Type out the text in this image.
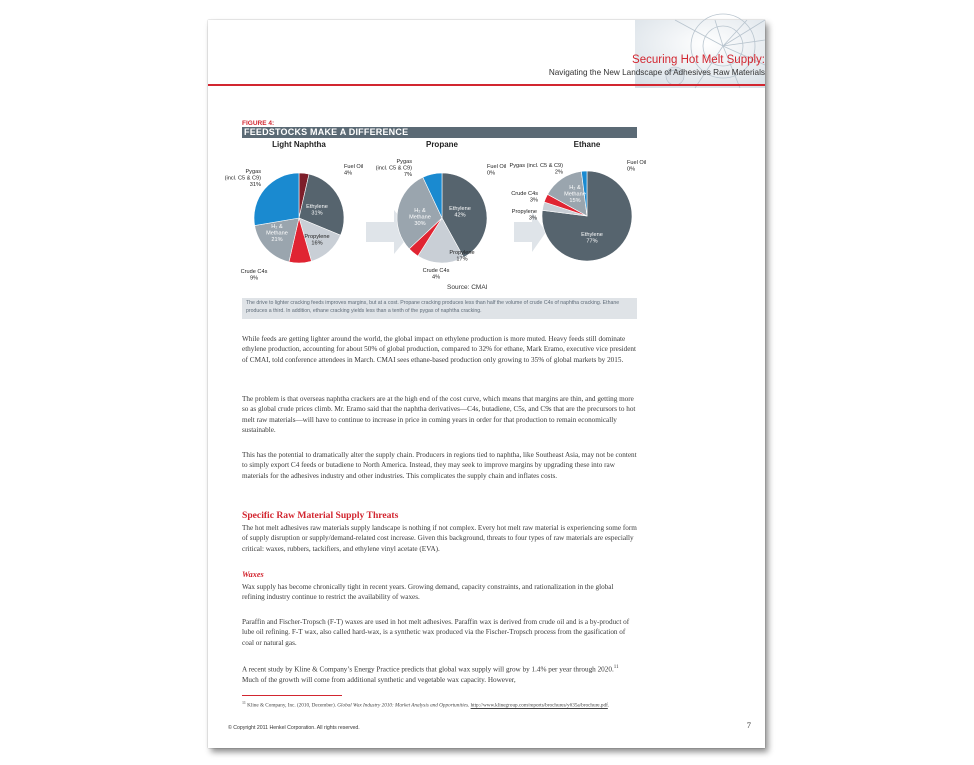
Securing Hot Melt Supply:
Navigating the New Landscape of Adhesives Raw Materials
FIGURE 4:
FEEDSTOCKS MAKE A DIFFERENCE
Light Naphtha
Fuel Oil 4%
Ethylene 31%
Propylene 16%
Crude C4s 9%
H₂ & Methane 21%
Pygas (incl. C5 & C9) 31%
Propane
Fuel Oil 0%
Ethylene 42%
Propylene 17%
Crude C4s 4%
H₂ & Methane 30%
Pygas (incl. C5 & C9) 7%
Ethane
Fuel Oil 0%
Ethylene 77%
Propylene 3%
Crude C4s 3%
H₂ & Methane 15%
Pygas (incl. C5 & C9) 2%
Source: CMAI
The drive to lighter cracking feeds improves margins, but at a cost. Propane cracking produces less than half the volume of crude C4s of naphtha cracking. Ethane produces a third. In addition, ethane cracking yields less than a tenth of the pygas of naphtha cracking.

While feeds are getting lighter around the world, the global impact on ethylene production is more muted. Heavy feeds still dominate ethylene production, accounting for about 50% of global production, compared to 32% for ethane, Mark Eramo, executive vice president of CMAI, told conference attendees in March. CMAI sees ethane-based production only growing to 35% of global markets by 2015.

The problem is that overseas naphtha crackers are at the high end of the cost curve, which means that margins are thin, and getting more so as global crude prices climb. Mr. Eramo said that the naphtha derivatives—C4s, butadiene, C5s, and C9s that are the precursors to hot melt raw materials—will have to continue to increase in price in coming years in order for that production to remain economically sustainable.

This has the potential to dramatically alter the supply chain. Producers in regions tied to naphtha, like Southeast Asia, may not be content to simply export C4 feeds or butadiene to North America. Instead, they may seek to improve margins by upgrading these into raw materials for the adhesives industry and other industries. This complicates the supply chain and inflates costs.

Specific Raw Material Supply Threats

The hot melt adhesives raw materials supply landscape is nothing if not complex. Every hot melt raw material is experiencing some form of supply disruption or supply/demand-related cost increase. Given this background, threats to four types of raw materials are especially critical: waxes, rubbers, tackifiers, and ethylene vinyl acetate (EVA).

Waxes

Wax supply has become chronically tight in recent years. Growing demand, capacity constraints, and rationalization in the global refining industry continue to restrict the availability of waxes.

Paraffin and Fischer-Tropsch (F-T) waxes are used in hot melt adhesives. Paraffin wax is derived from crude oil and is a by-product of lube oil refining. F-T wax, also called hard-wax, is a synthetic wax produced via the Fischer-Tropsch process from the gasification of coal or natural gas.

A recent study by Kline & Company’s Energy Practice predicts that global wax supply will grow by 1.4% per year through 2020.11 Much of the growth will come from additional synthetic and vegetable wax capacity. However,

$^{11}$ Kline & Company, Inc. (2010, December). Global Wax Industry 2010: Market Analysis and Opportunities. http://www.klinegroup.com/reports/brochures/y635a/brochure.pdf.
© Copyright 2011 Henkel Corporation. All rights reserved.	7
